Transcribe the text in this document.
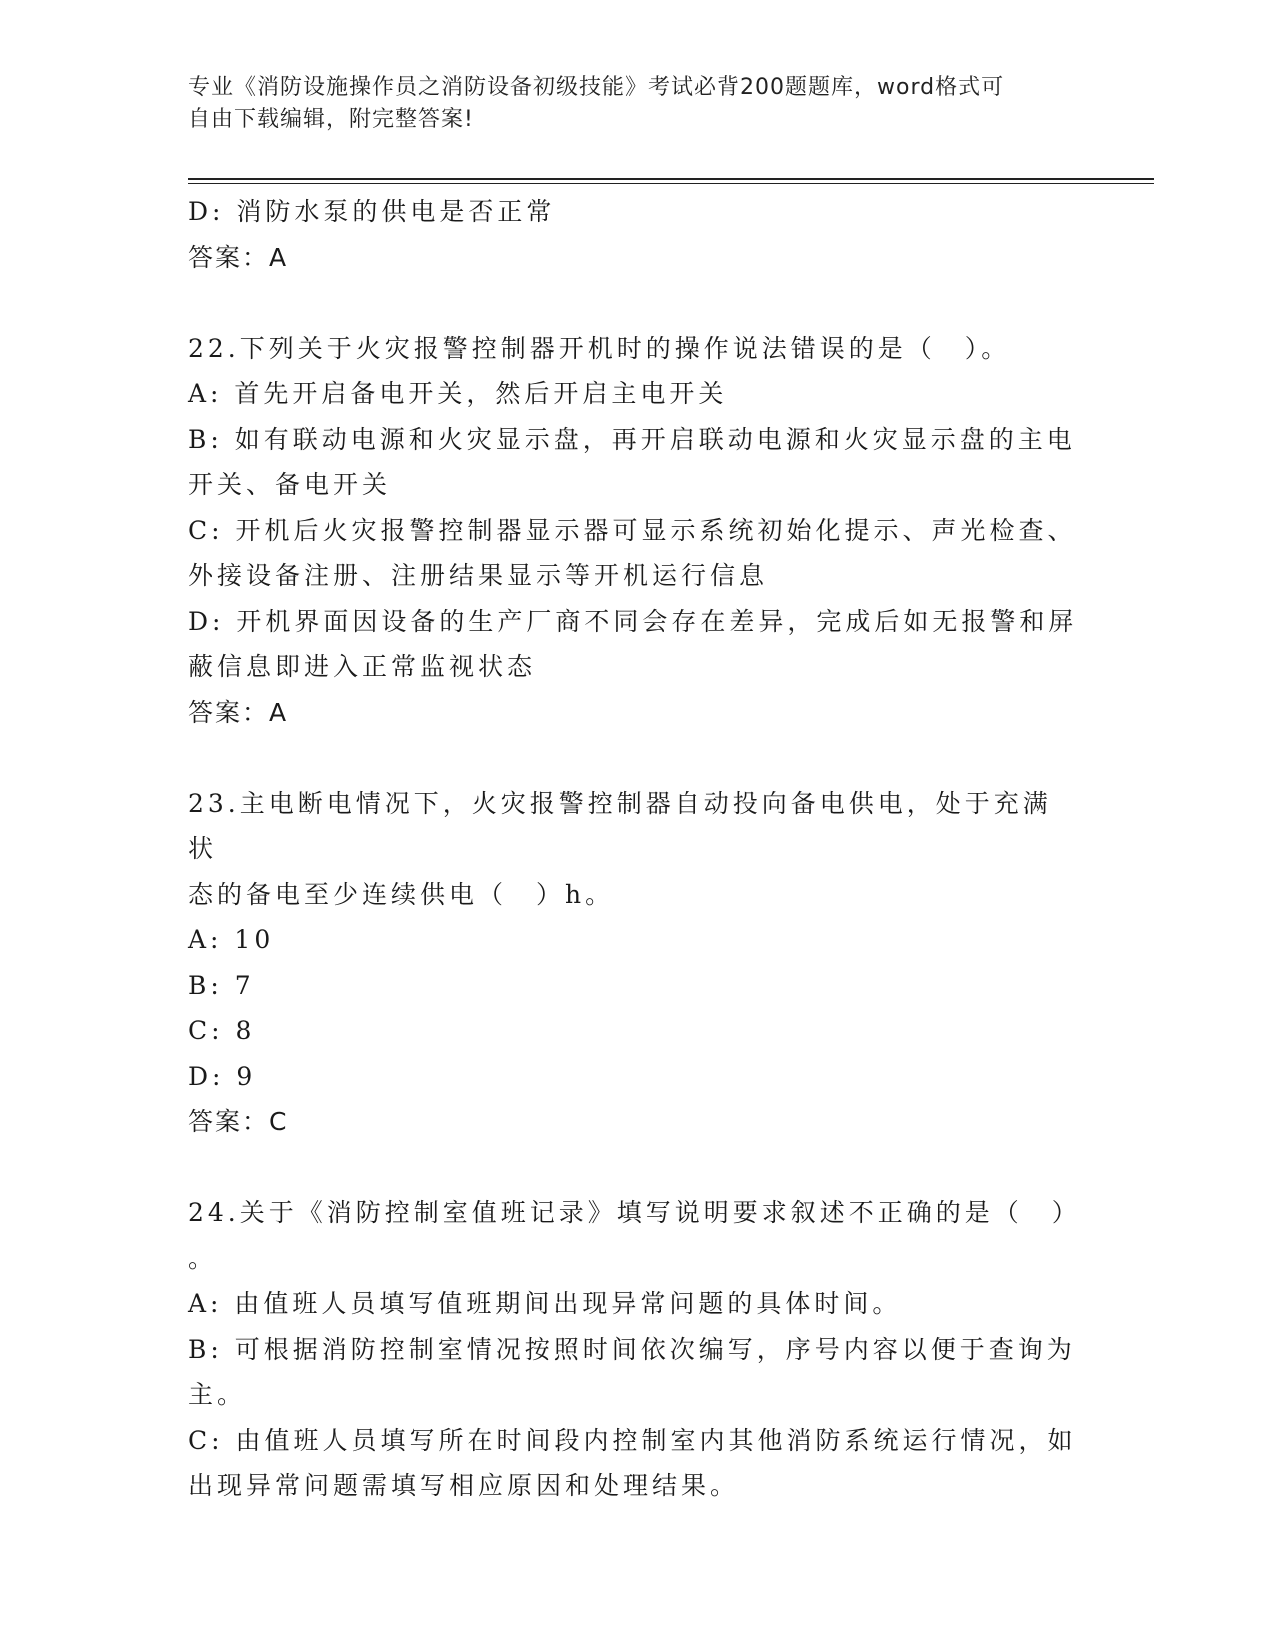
专业《消防设施操作员之消防设备初级技能》考试必背200题题库，word格式可
自由下载编辑，附完整答案!
D: 消防水泵的供电是否正常
答案：A
22.下列关于火灾报警控制器开机时的操作说法错误的是（　）。
A: 首先开启备电开关，然后开启主电开关
B: 如有联动电源和火灾显示盘，再开启联动电源和火灾显示盘的主电
开关、备电开关
C: 开机后火灾报警控制器显示器可显示系统初始化提示、声光检查、
外接设备注册、注册结果显示等开机运行信息
D: 开机界面因设备的生产厂商不同会存在差异，完成后如无报警和屏
蔽信息即进入正常监视状态
答案：A
23.主电断电情况下，火灾报警控制器自动投向备电供电，处于充满状
态的备电至少连续供电（　）h。
A: 10
B: 7
C: 8
D: 9
答案：C
24.关于《消防控制室值班记录》填写说明要求叙述不正确的是（　）
。
A: 由值班人员填写值班期间出现异常问题的具体时间。
B: 可根据消防控制室情况按照时间依次编写，序号内容以便于查询为
主。
C: 由值班人员填写所在时间段内控制室内其他消防系统运行情况，如
出现异常问题需填写相应原因和处理结果。
